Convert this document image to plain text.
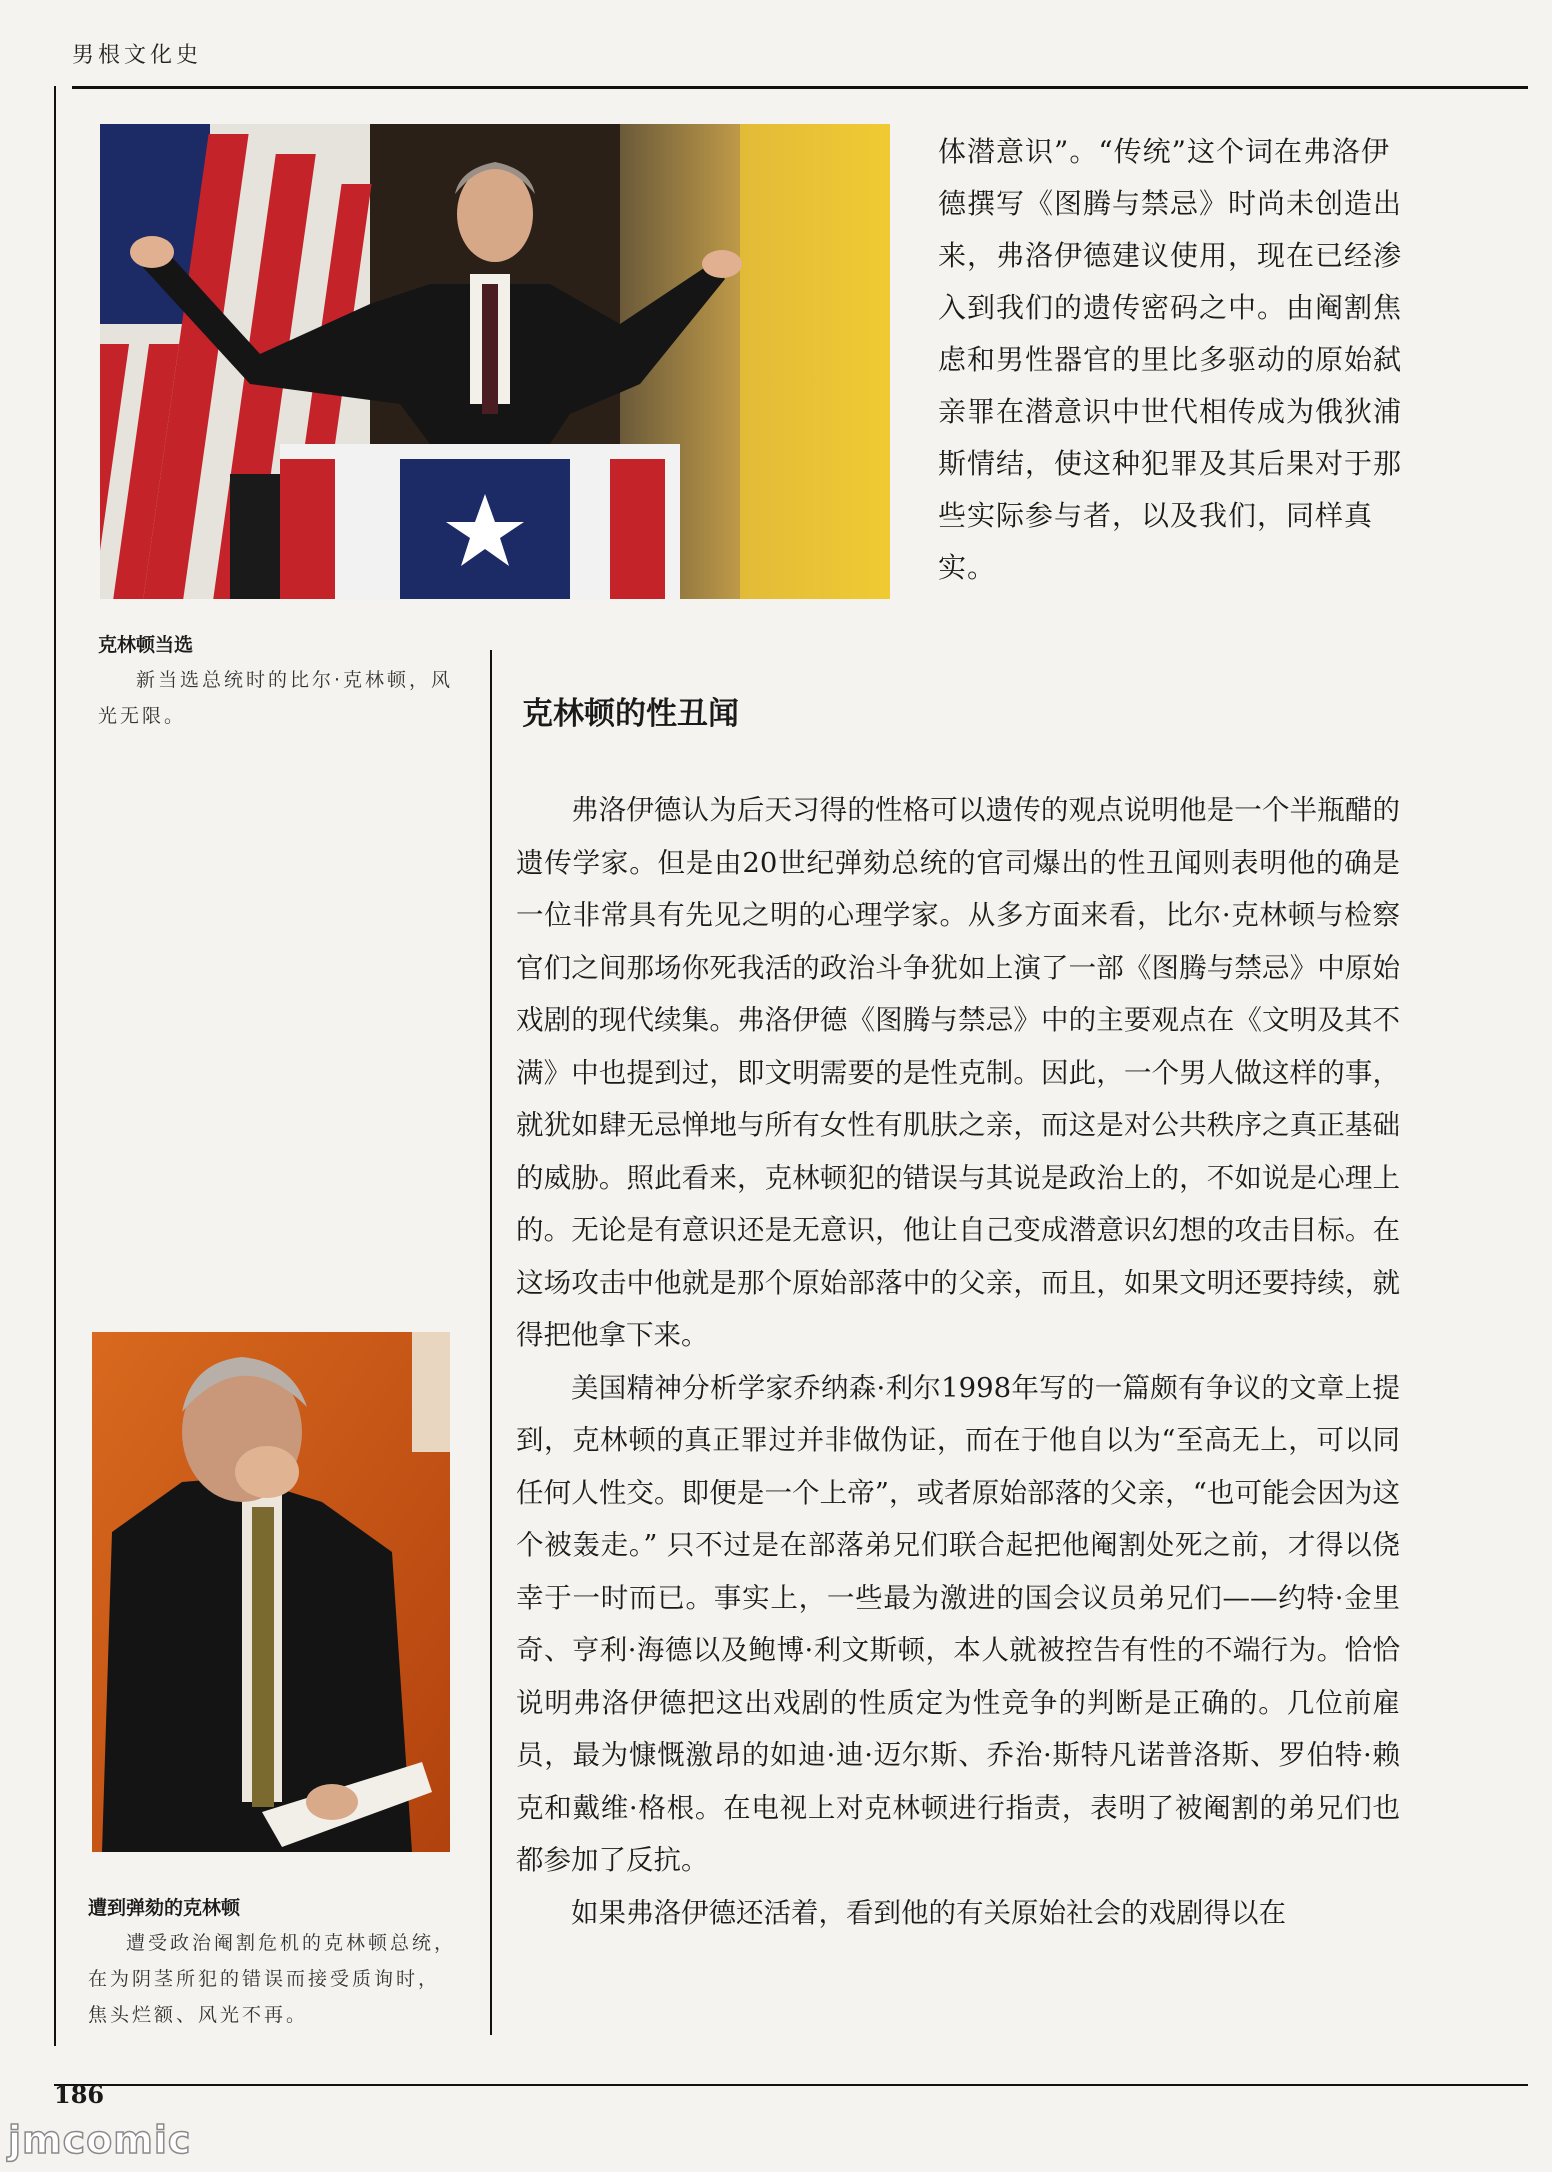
男根文化史
克林顿当选
新当选总统时的比尔·克林顿，风光无限。

体潜意识”。“传统”这个词在弗洛伊德撰写《图腾与禁忌》时尚未创造出来，弗洛伊德建议使用，现在已经渗入到我们的遗传密码之中。由阉割焦虑和男性器官的里比多驱动的原始弑亲罪在潜意识中世代相传成为俄狄浦斯情结，使这种犯罪及其后果对于那些实际参与者，以及我们，同样真实。

克林顿的性丑闻

弗洛伊德认为后天习得的性格可以遗传的观点说明他是一个半瓶醋的遗传学家。但是由20世纪弹劾总统的官司爆出的性丑闻则表明他的确是一位非常具有先见之明的心理学家。从多方面来看，比尔·克林顿与检察官们之间那场你死我活的政治斗争犹如上演了一部《图腾与禁忌》中原始戏剧的现代续集。弗洛伊德《图腾与禁忌》中的主要观点在《文明及其不满》中也提到过，即文明需要的是性克制。因此，一个男人做这样的事，就犹如肆无忌惮地与所有女性有肌肤之亲，而这是对公共秩序之真正基础的威胁。照此看来，克林顿犯的错误与其说是政治上的，不如说是心理上的。无论是有意识还是无意识，他让自己变成潜意识幻想的攻击目标。在这场攻击中他就是那个原始部落中的父亲，而且，如果文明还要持续，就得把他拿下来。

美国精神分析学家乔纳森·利尔1998年写的一篇颇有争议的文章上提到，克林顿的真正罪过并非做伪证，而在于他自以为“至高无上，可以同任何人性交。即便是一个上帝”，或者原始部落的父亲，“也可能会因为这个被轰走。” 只不过是在部落弟兄们联合起把他阉割处死之前，才得以侥幸于一时而已。事实上，一些最为激进的国会议员弟兄们——约特·金里奇、亨利·海德以及鲍博·利文斯顿，本人就被控告有性的不端行为。恰恰说明弗洛伊德把这出戏剧的性质定为性竞争的判断是正确的。几位前雇员，最为慷慨激昂的如迪·迪·迈尔斯、乔治·斯特凡诺普洛斯、罗伯特·赖克和戴维·格根。在电视上对克林顿进行指责，表明了被阉割的弟兄们也都参加了反抗。

如果弗洛伊德还活着，看到他的有关原始社会的戏剧得以在

遭到弹劾的克林顿
遭受政治阉割危机的克林顿总统，在为阴茎所犯的错误而接受质询时，焦头烂额、风光不再。
186
jmcomic
